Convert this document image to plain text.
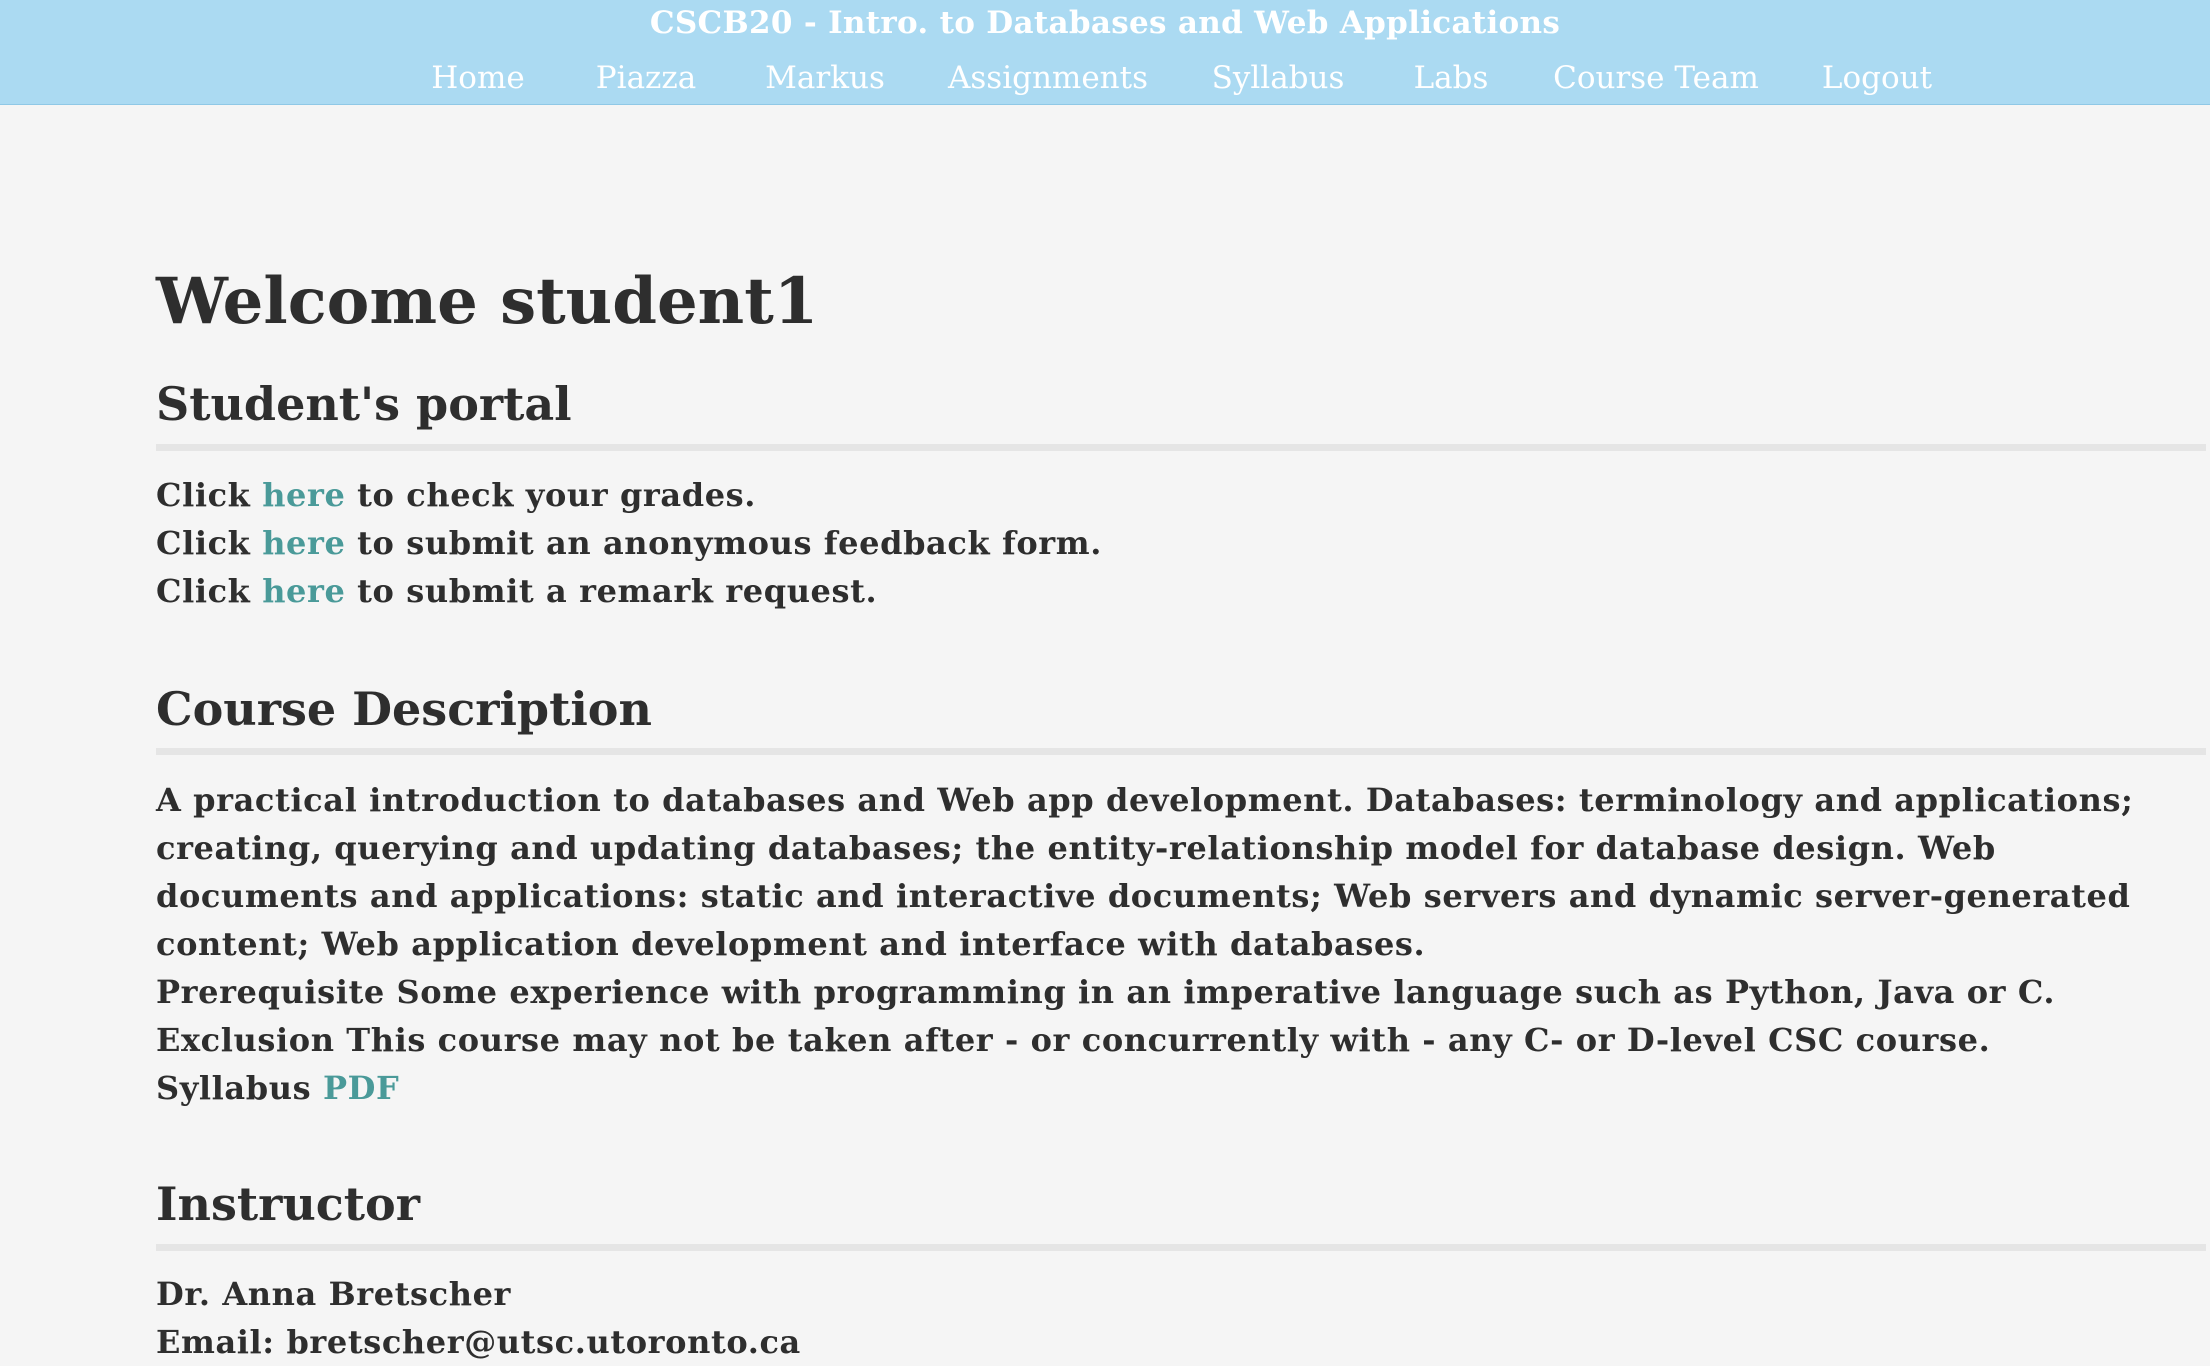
CSCB20 - Intro. to Databases and Web Applications
Home Piazza Markus Assignments Syllabus Labs Course Team Logout
Welcome student1
Student's portal

Click here to check your grades.

Click here to submit an anonymous feedback form.

Click here to submit a remark request.

Course Description

A practical introduction to databases and Web app development. Databases: terminology and applications; creating, querying and updating databases; the entity-relationship model for database design. Web documents and applications: static and interactive documents; Web servers and dynamic server-generated content; Web application development and interface with databases.

Prerequisite Some experience with programming in an imperative language such as Python, Java or C.

Exclusion This course may not be taken after - or concurrently with - any C- or D-level CSC course.

Syllabus PDF

Instructor

Dr. Anna Bretscher

Email: bretscher@utsc.utoronto.ca
